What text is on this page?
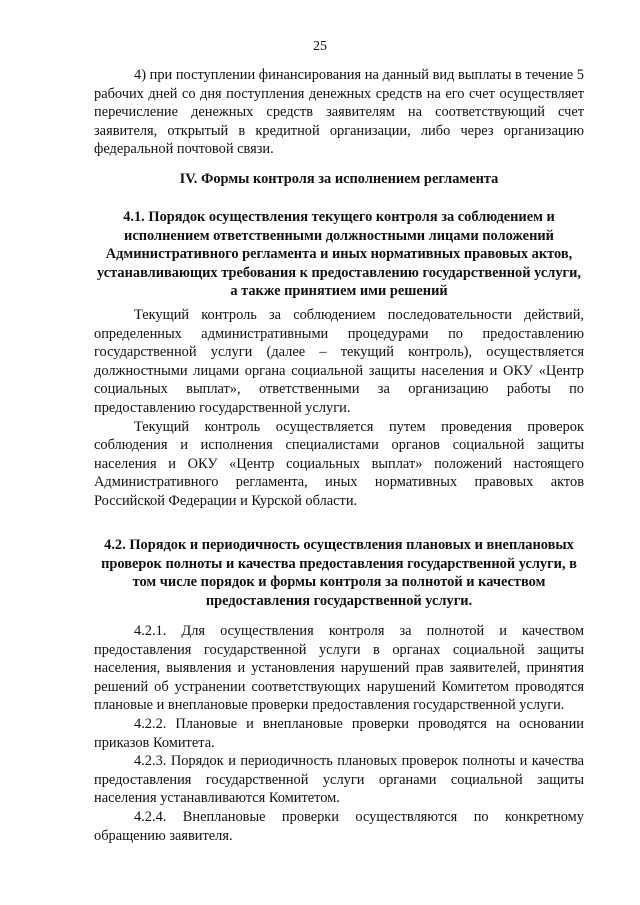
25

4) при поступлении финансирования на данный вид выплаты в течение 5 рабочих дней со дня поступления денежных средств на его счет осуществляет перечисление денежных средств заявителям на соответствующий счет заявителя, открытый в кредитной организации, либо через организацию федеральной почтовой связи.

IV. Формы контроля за исполнением регламента
4.1. Порядок осуществления текущего контроля за соблюдением и исполнением ответственными должностными лицами положений Административного регламента и иных нормативных правовых актов, устанавливающих требования к предоставлению государственной услуги, а также принятием ими решений

Текущий контроль за соблюдением последовательности действий, определенных административными процедурами по предоставлению государственной услуги (далее – текущий контроль), осуществляется должностными лицами органа социальной защиты населения и ОКУ «Центр социальных выплат», ответственными за организацию работы по предоставлению государственной услуги.

Текущий контроль осуществляется путем проведения проверок соблюдения и исполнения специалистами органов социальной защиты населения и ОКУ «Центр социальных выплат» положений настоящего Административного регламента, иных нормативных правовых актов Российской Федерации и Курской области.

4.2. Порядок и периодичность осуществления плановых и внеплановых проверок полноты и качества предоставления государственной услуги, в том числе порядок и формы контроля за полнотой и качеством предоставления государственной услуги.

4.2.1. Для осуществления контроля за полнотой и качеством предоставления государственной услуги в органах социальной защиты населения, выявления и установления нарушений прав заявителей, принятия решений об устранении соответствующих нарушений Комитетом проводятся плановые и внеплановые проверки предоставления государственной услуги.

4.2.2. Плановые и внеплановые проверки проводятся на основании приказов Комитета.

4.2.3. Порядок и периодичность плановых проверок полноты и качества предоставления государственной услуги органами социальной защиты населения устанавливаются Комитетом.

4.2.4. Внеплановые проверки осуществляются по конкретному обращению заявителя.
